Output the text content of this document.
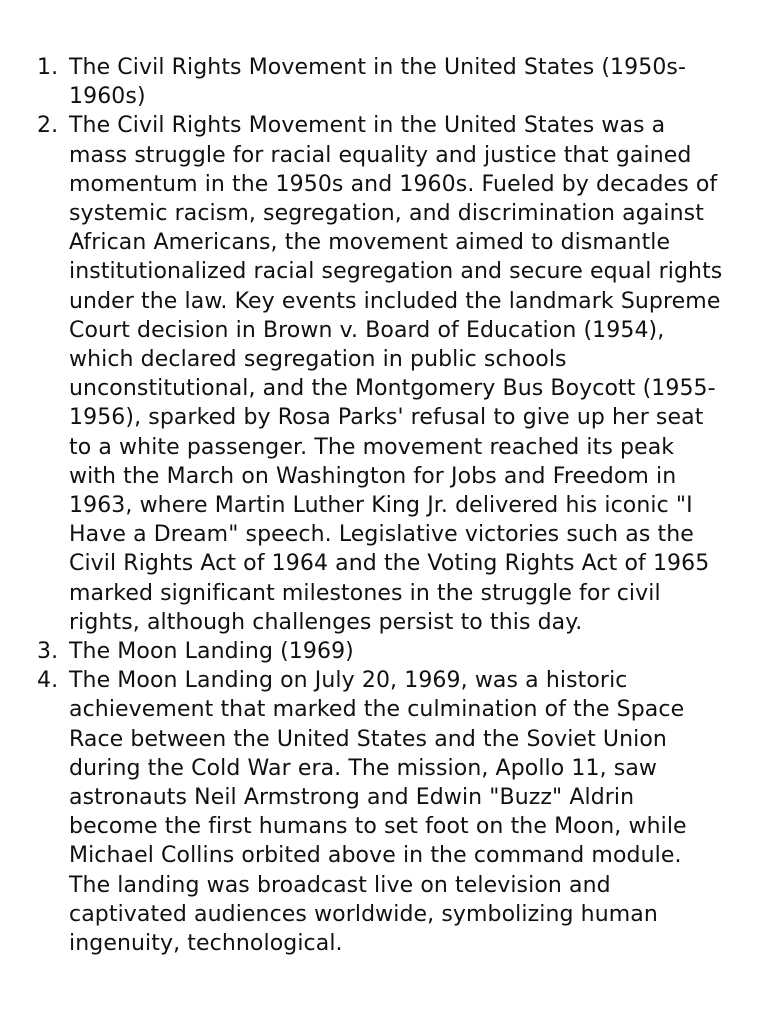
1. The Civil Rights Movement in the United States (1950s-1960s)
2. The Civil Rights Movement in the United States was a mass struggle for racial equality and justice that gained momentum in the 1950s and 1960s. Fueled by decades of systemic racism, segregation, and discrimination against African Americans, the movement aimed to dismantle institutionalized racial segregation and secure equal rights under the law. Key events included the landmark Supreme Court decision in Brown v. Board of Education (1954), which declared segregation in public schools unconstitutional, and the Montgomery Bus Boycott (1955-1956), sparked by Rosa Parks' refusal to give up her seat to a white passenger. The movement reached its peak with the March on Washington for Jobs and Freedom in 1963, where Martin Luther King Jr. delivered his iconic "I Have a Dream" speech. Legislative victories such as the Civil Rights Act of 1964 and the Voting Rights Act of 1965 marked significant milestones in the struggle for civil rights, although challenges persist to this day.
3. The Moon Landing (1969)
4. The Moon Landing on July 20, 1969, was a historic achievement that marked the culmination of the Space Race between the United States and the Soviet Union during the Cold War era. The mission, Apollo 11, saw astronauts Neil Armstrong and Edwin "Buzz" Aldrin become the first humans to set foot on the Moon, while Michael Collins orbited above in the command module. The landing was broadcast live on television and captivated audiences worldwide, symbolizing human ingenuity, technological.
